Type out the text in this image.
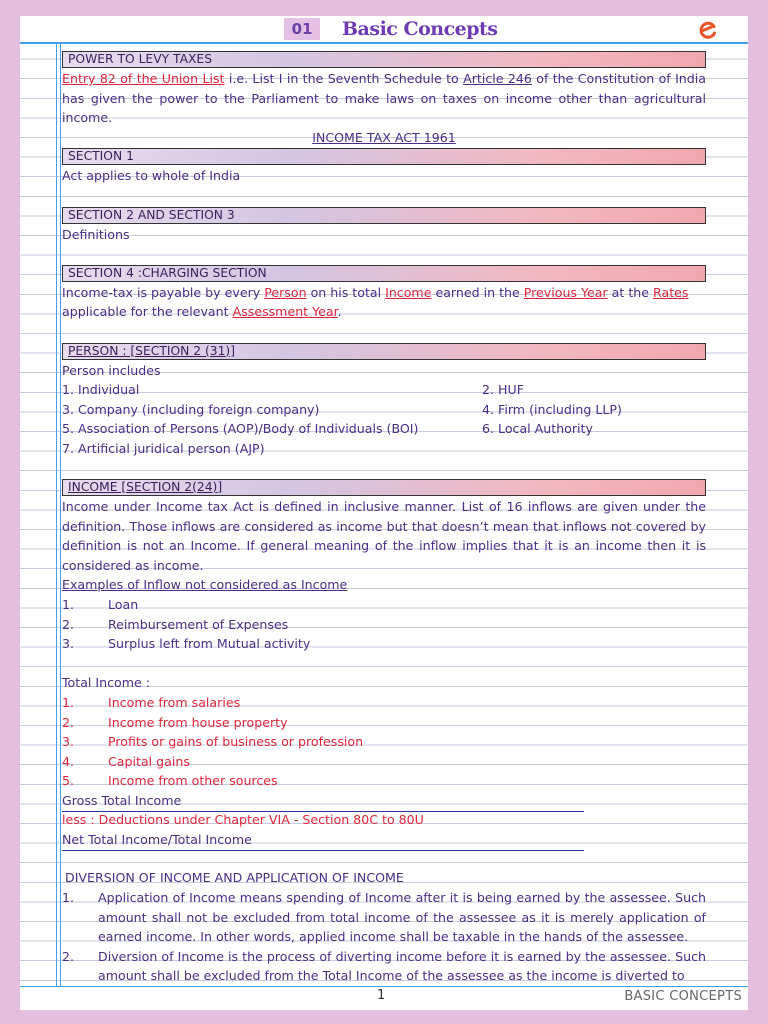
01	Basic Concepts
POWER TO LEVY TAXES
Entry 82 of the Union List i.e. List I in the Seventh Schedule to Article 246 of the Constitution of India has given the power to the Parliament to make laws on taxes on income other than agricultural income.
INCOME TAX ACT 1961
SECTION 1
Act applies to whole of India
SECTION 2 AND SECTION 3
Definitions
SECTION 4 :CHARGING SECTION
Income-tax is payable by every Person on his total Income earned in the Previous Year at the Rates
applicable for the relevant Assessment Year.
PERSON : [SECTION 2 (31)]
Person includes
1. Individual	2. HUF
3. Company (including foreign company)	4. Firm (including LLP)
5. Association of Persons (AOP)/Body of Individuals (BOI)	6. Local Authority
7. Artificial juridical person (AJP)
INCOME [SECTION 2(24)]
Income under Income tax Act is defined in inclusive manner. List of 16 inflows are given under the definition. Those inflows are considered as income but that doesn’t mean that inflows not covered by definition is not an Income. If general meaning of the inflow implies that it is an income then it is considered as income.
Examples of Inflow not considered as Income
1.	Loan
2.	Reimbursement of Expenses
3.	Surplus left from Mutual activity
Total Income :
1.	Income from salaries
2.	Income from house property
3.	Profits or gains of business or profession
4.	Capital gains
5.	Income from other sources
Gross Total Income
less : Deductions under Chapter VIA - Section 80C to 80U
Net Total Income/Total Income
DIVERSION OF INCOME AND APPLICATION OF INCOME
1. Application of Income means spending of Income after it is being earned by the assessee. Such amount shall not be excluded from total income of the assessee as it is merely application of earned income. In other words, applied income shall be taxable in the hands of the assessee.
2. Diversion of Income is the process of diverting income before it is earned by the assessee. Such amount shall be excluded from the Total Income of the assessee as the income is diverted to
1	BASIC CONCEPTS
